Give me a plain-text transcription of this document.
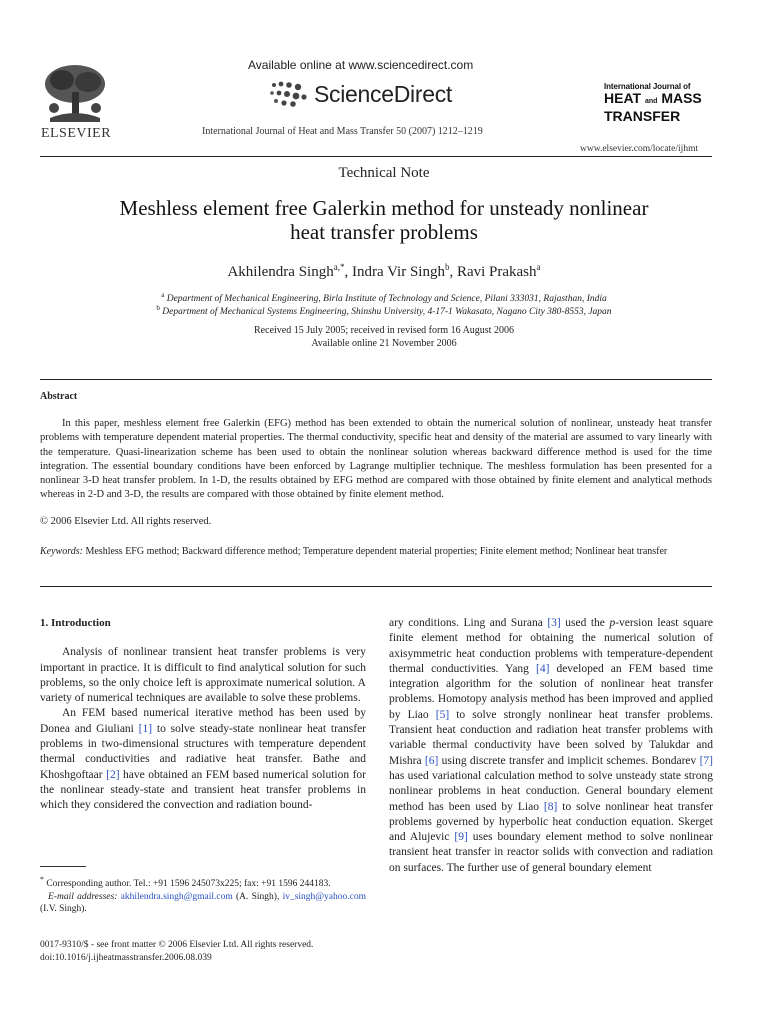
ELSEVIER
Available online at www.sciencedirect.com
ScienceDirect
International Journal of Heat and Mass Transfer 50 (2007) 1212–1219
International Journal of
HEAT and MASS
TRANSFER
www.elsevier.com/locate/ijhmt
Technical Note
Meshless element free Galerkin method for unsteady nonlinear
heat transfer problems
Akhilendra Singh$^{a,*}$, Indra Vir Singh$^b$, Ravi Prakash$^a$
$^a$ Department of Mechanical Engineering, Birla Institute of Technology and Science, Pilani 333031, Rajasthan, India
$^b$ Department of Mechanical Systems Engineering, Shinshu University, 4-17-1 Wakasato, Nagano City 380-8553, Japan
Received 15 July 2005; received in revised form 16 August 2006
Available online 21 November 2006
Abstract
In this paper, meshless element free Galerkin (EFG) method has been extended to obtain the numerical solution of nonlinear, unsteady heat transfer problems with temperature dependent material properties. The thermal conductivity, specific heat and density of the material are assumed to vary linearly with the temperature. Quasi-linearization scheme has been used to obtain the nonlinear solution whereas backward difference method is used for the time integration. The essential boundary conditions have been enforced by Lagrange multiplier technique. The meshless formulation has been presented for a nonlinear 3-D heat transfer problem. In 1-D, the results obtained by EFG method are compared with those obtained by finite element and analytical methods whereas in 2-D and 3-D, the results are compared with those obtained by finite element method.
© 2006 Elsevier Ltd. All rights reserved.
Keywords: Meshless EFG method; Backward difference method; Temperature dependent material properties; Finite element method; Nonlinear heat transfer
1. Introduction

Analysis of nonlinear transient heat transfer problems is very important in practice. It is difficult to find analytical solution for such problems, so the only choice left is approximate numerical solution. A variety of numerical techniques are available to solve these problems.

An FEM based numerical iterative method has been used by Donea and Giuliani [1] to solve steady-state nonlinear heat transfer problems in two-dimensional structures with temperature dependent thermal conductivities and radiative heat transfer. Bathe and Khoshgoftaar [2] have obtained an FEM based numerical solution for the nonlinear steady-state and transient heat transfer problems in which they considered the convection and radiation bound-

ary conditions. Ling and Surana [3] used the p-version least square finite element method for obtaining the numerical solution of axisymmetric heat conduction problems with temperature-dependent thermal conductivities. Yang [4] developed an FEM based time integration algorithm for the solution of nonlinear heat transfer problems. Homotopy analysis method has been improved and applied by Liao [5] to solve strongly nonlinear heat transfer problems. Transient heat conduction and radiation heat transfer problems with variable thermal conductivity have been solved by Talukdar and Mishra [6] using discrete transfer and implicit schemes. Bondarev [7] has used variational calculation method to solve unsteady state strong nonlinear problems in heat conduction. General boundary element method has been used by Liao [8] to solve nonlinear heat transfer problems governed by hyperbolic heat conduction equation. Skerget and Alujevic [9] uses boundary element method to solve nonlinear transient heat transfer in reactor solids with convection and radiation on surfaces. The further use of general boundary element

* Corresponding author. Tel.: +91 1596 245073x225; fax: +91 1596 244183.
E-mail addresses: akhilendra.singh@gmail.com (A. Singh), iv_singh@yahoo.com (I.V. Singh).
0017-9310/$ - see front matter © 2006 Elsevier Ltd. All rights reserved.
doi:10.1016/j.ijheatmasstransfer.2006.08.039
